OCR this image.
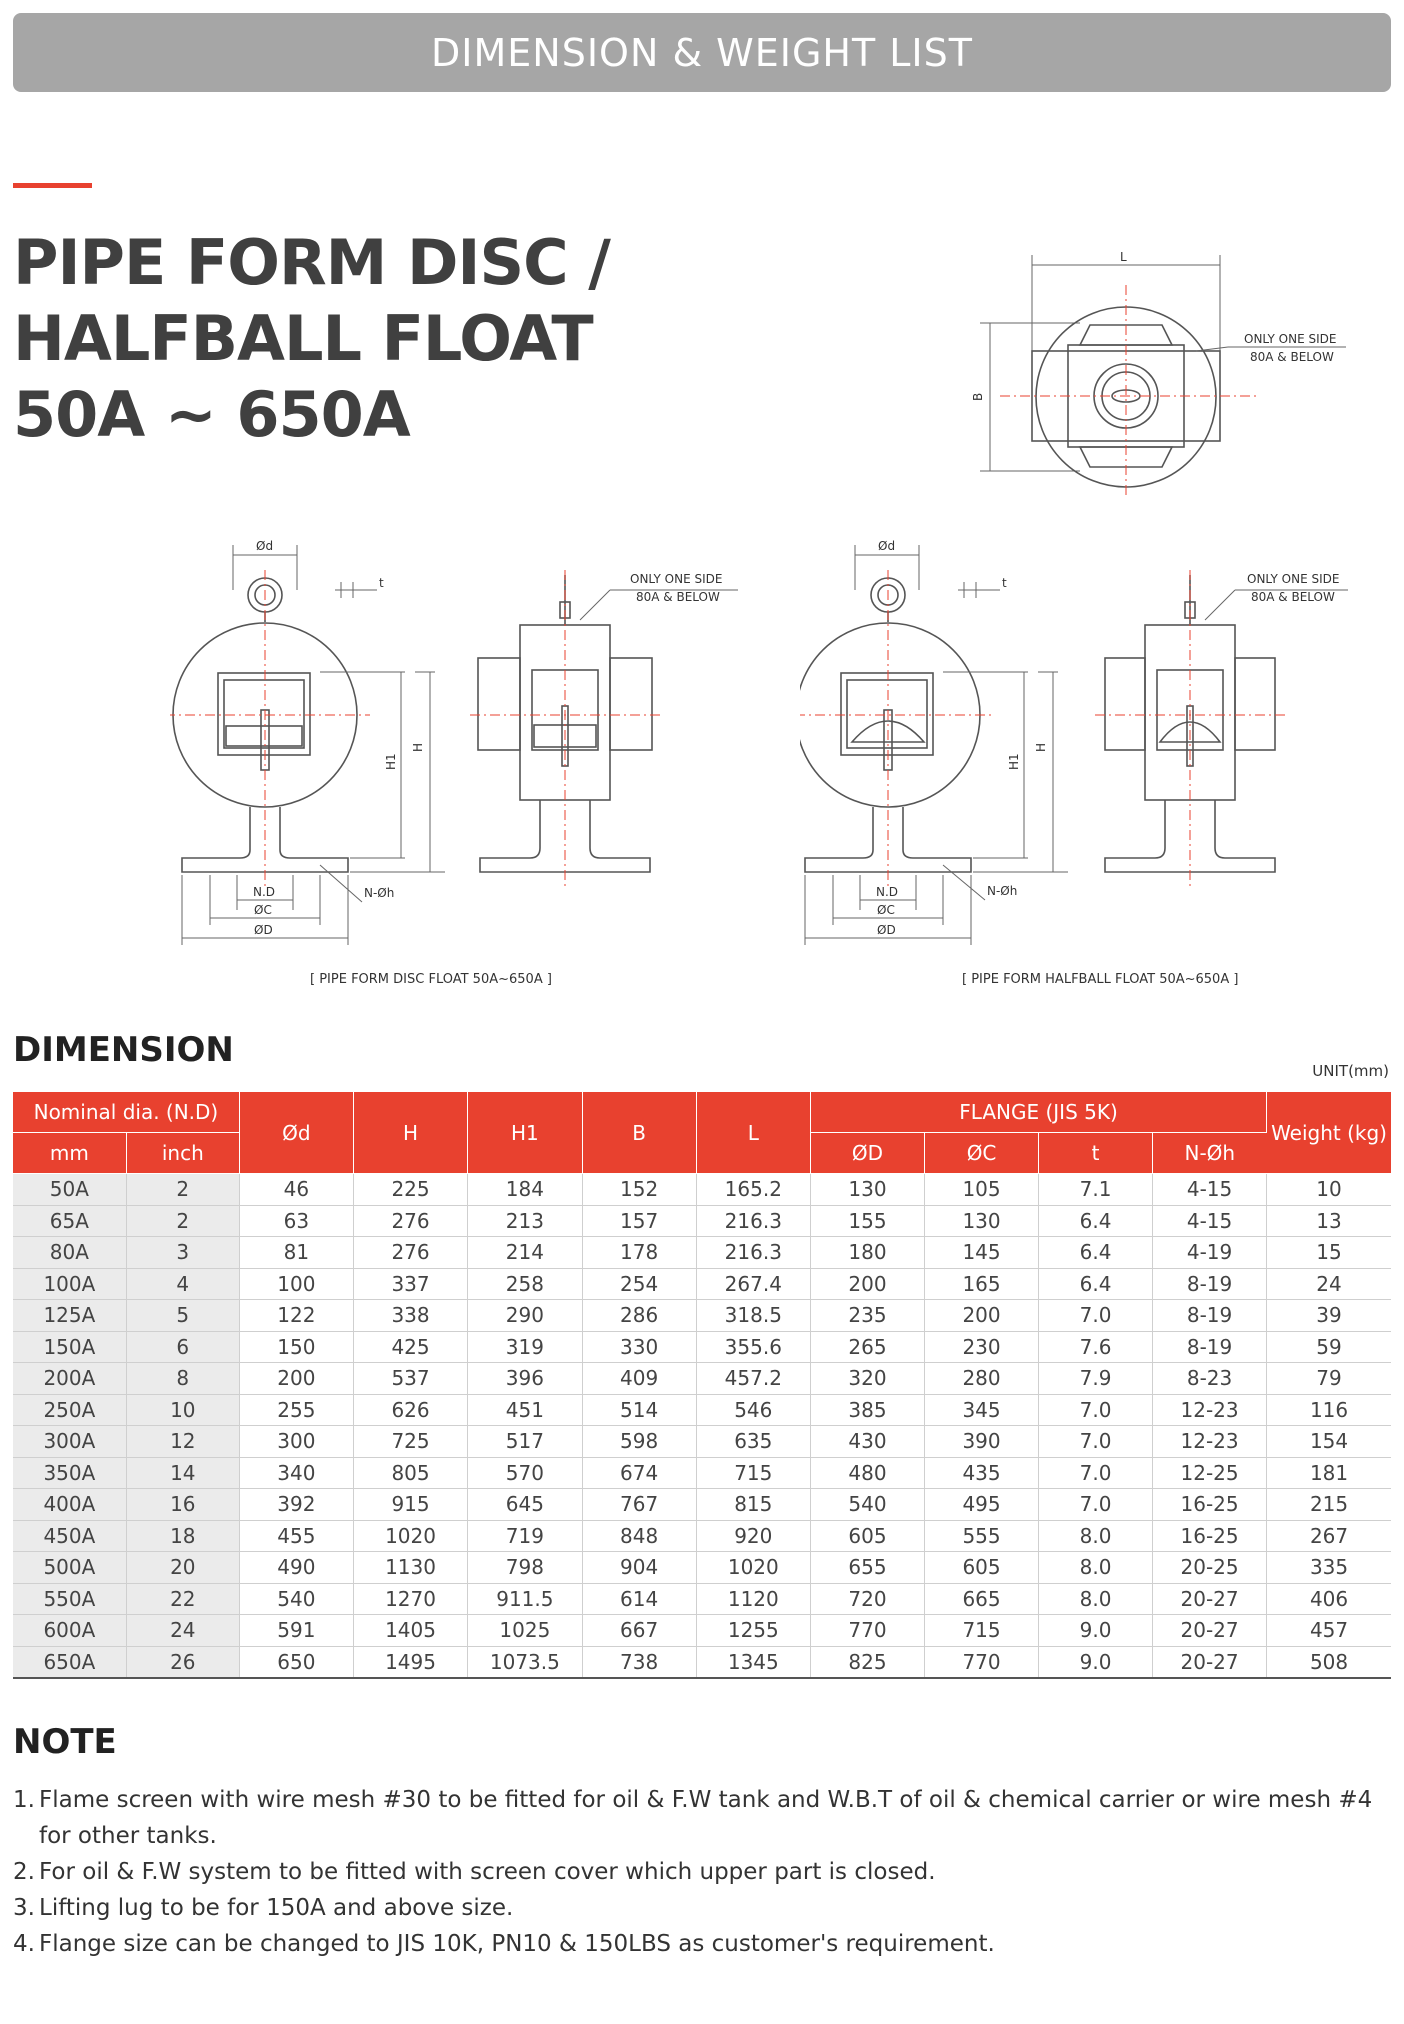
DIMENSION & WEIGHT LIST
PIPE FORM DISC /
HALFBALL FLOAT
50A ~ 650A
L
B
ONLY ONE SIDE
80A & BELOW
Ød
t
H1
H
N.D
ØC
ØD
N-Øh
ONLY ONE SIDE
80A & BELOW
Ød
t
H1
H
N.D
ØC
ØD
N-Øh
ONLY ONE SIDE
80A & BELOW
[ PIPE FORM DISC FLOAT 50A~650A ]	[ PIPE FORM HALFBALL FLOAT 50A~650A ]
DIMENSION
UNIT(mm)
Nominal dia. (N.D)		Ød	H	H1	B	L	FLANGE (JIS 5K)				Weight (kg)
mm	inch						ØD	ØC	t	N-Øh	
50A	2	46	225	184	152	165.2	130	105	7.1	4-15	10
65A	2	63	276	213	157	216.3	155	130	6.4	4-15	13
80A	3	81	276	214	178	216.3	180	145	6.4	4-19	15
100A	4	100	337	258	254	267.4	200	165	6.4	8-19	24
125A	5	122	338	290	286	318.5	235	200	7.0	8-19	39
150A	6	150	425	319	330	355.6	265	230	7.6	8-19	59
200A	8	200	537	396	409	457.2	320	280	7.9	8-23	79
250A	10	255	626	451	514	546	385	345	7.0	12-23	116
300A	12	300	725	517	598	635	430	390	7.0	12-23	154
350A	14	340	805	570	674	715	480	435	7.0	12-25	181
400A	16	392	915	645	767	815	540	495	7.0	16-25	215
450A	18	455	1020	719	848	920	605	555	8.0	16-25	267
500A	20	490	1130	798	904	1020	655	605	8.0	20-25	335
550A	22	540	1270	911.5	614	1120	720	665	8.0	20-27	406
600A	24	591	1405	1025	667	1255	770	715	9.0	20-27	457
650A	26	650	1495	1073.5	738	1345	825	770	9.0	20-27	508
NOTE
1. Flame screen with wire mesh #30 to be fitted for oil & F.W tank and W.B.T of oil & chemical carrier or wire mesh #4 for other tanks.
2. For oil & F.W system to be fitted with screen cover which upper part is closed.
3. Lifting lug to be for 150A and above size.
4. Flange size can be changed to JIS 10K, PN10 & 150LBS as customer's requirement.
